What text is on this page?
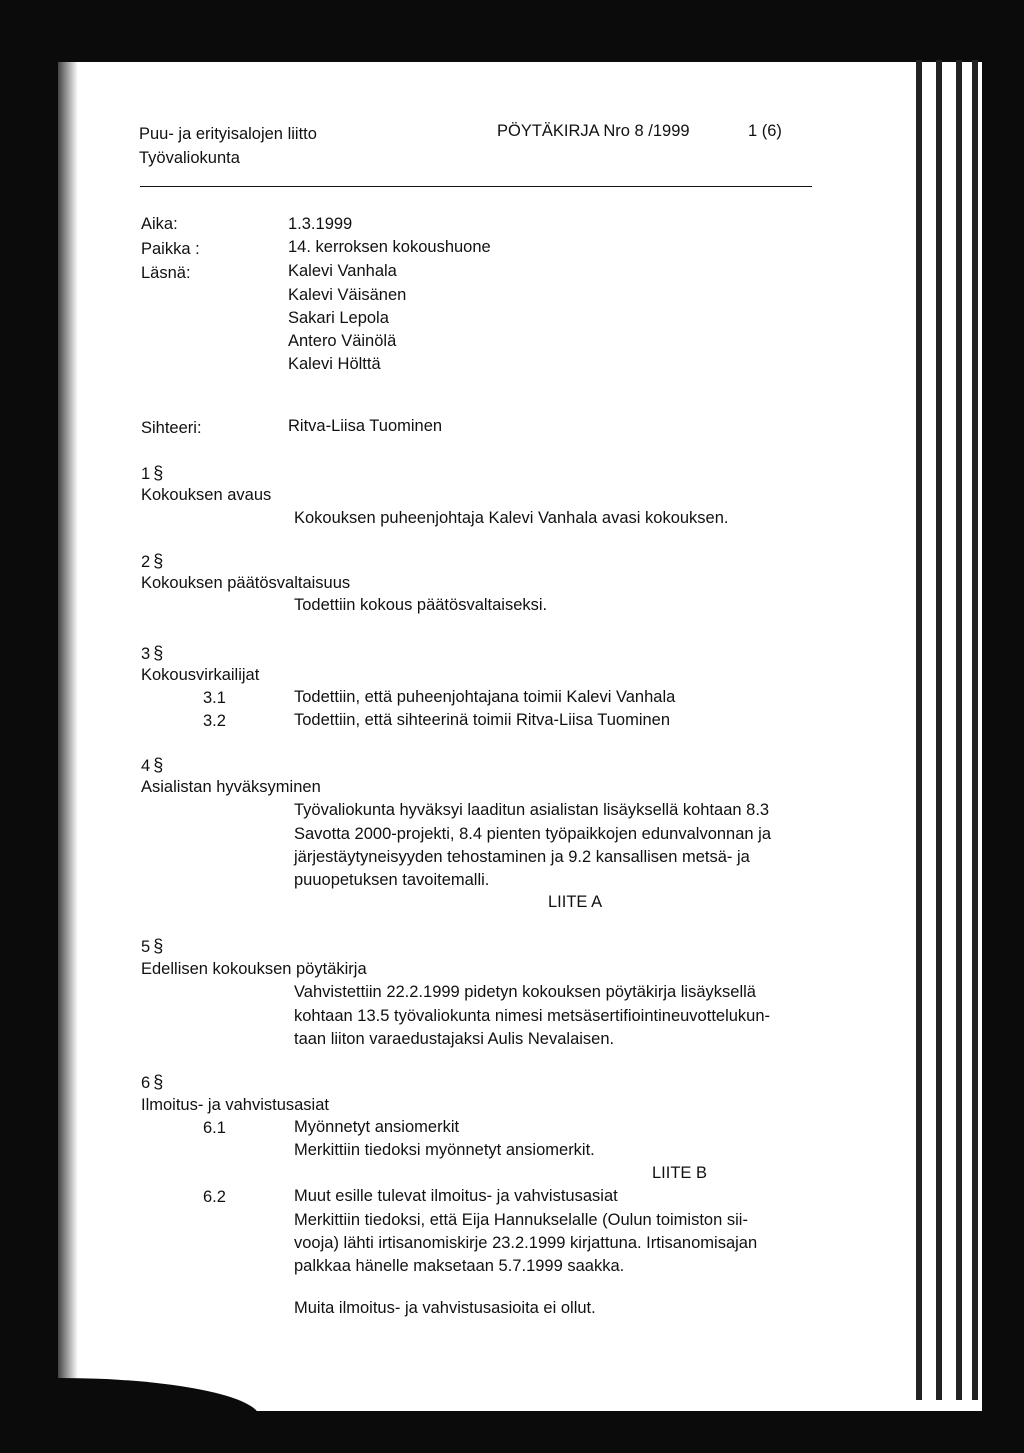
Puu- ja erityisalojen liitto
Työvaliokunta
PÖYTÄKIRJA Nro 8 /1999	1 (6)
Aika:	1.3.1999
Paikka :	14. kerroksen kokoushuone
Läsnä:	Kalevi Vanhala
Kalevi Väisänen
Sakari Lepola
Antero Väinölä
Kalevi Hölttä
Sihteeri:	Ritva-Liisa Tuominen
1 §
Kokouksen avaus
Kokouksen puheenjohtaja Kalevi Vanhala avasi kokouksen.
2 §
Kokouksen päätösvaltaisuus
Todettiin kokous päätösvaltaiseksi.
3 §
Kokousvirkailijat
3.1	Todettiin, että puheenjohtajana toimii Kalevi Vanhala
3.2	Todettiin, että sihteerinä toimii Ritva-Liisa Tuominen
4 §
Asialistan hyväksyminen
Työvaliokunta hyväksyi laaditun asialistan lisäyksellä kohtaan 8.3
Savotta 2000-projekti, 8.4 pienten työpaikkojen edunvalvonnan ja
järjestäytyneisyyden tehostaminen ja 9.2 kansallisen metsä- ja
puuopetuksen tavoitemalli.
LIITE A
5 §
Edellisen kokouksen pöytäkirja
Vahvistettiin 22.2.1999 pidetyn kokouksen pöytäkirja lisäyksellä
kohtaan 13.5 työvaliokunta nimesi metsäsertifiointineuvottelukun-
taan liiton varaedustajaksi Aulis Nevalaisen.
6 §
Ilmoitus- ja vahvistusasiat
6.1	Myönnetyt ansiomerkit
Merkittiin tiedoksi myönnetyt ansiomerkit.
LIITE B
6.2	Muut esille tulevat ilmoitus- ja vahvistusasiat
Merkittiin tiedoksi, että Eija Hannukselalle (Oulun toimiston sii-
vooja) lähti irtisanomiskirje 23.2.1999 kirjattuna. Irtisanomisajan
palkkaa hänelle maksetaan 5.7.1999 saakka.
Muita ilmoitus- ja vahvistusasioita ei ollut.
